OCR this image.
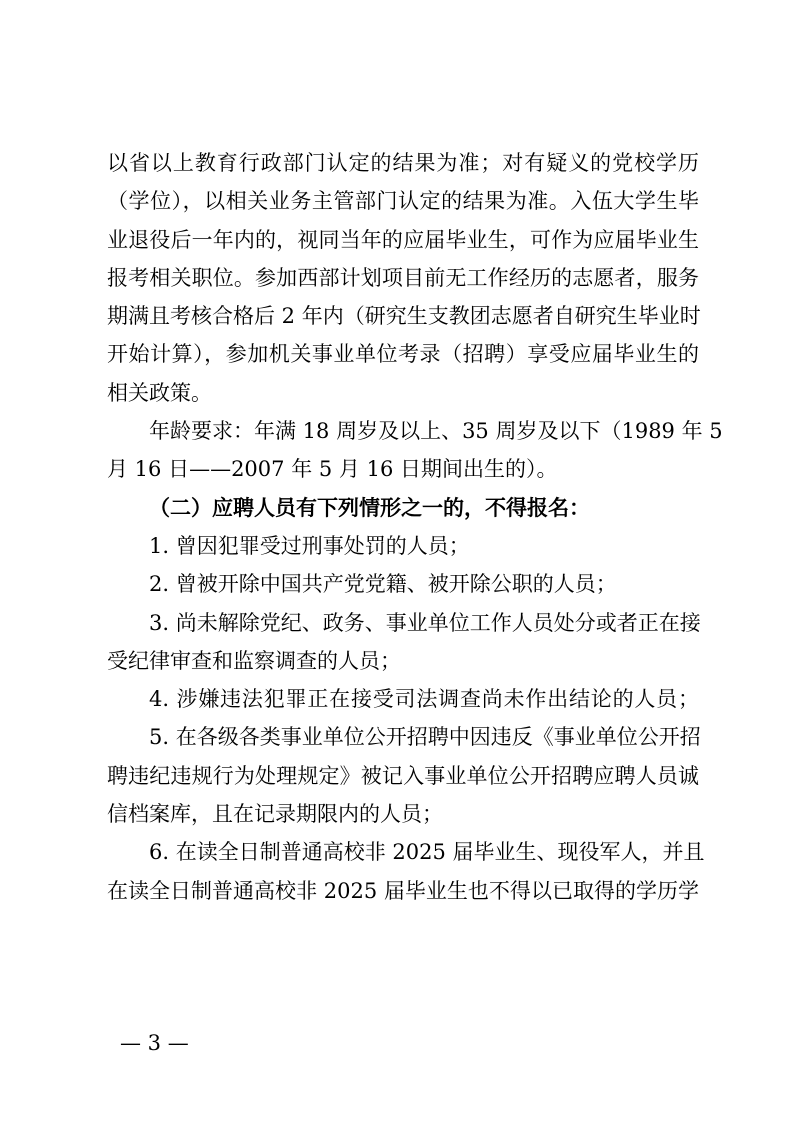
以省以上教育行政部门认定的结果为准；对有疑义的党校学历
（学位），以相关业务主管部门认定的结果为准。入伍大学生毕
业退役后一年内的，视同当年的应届毕业生，可作为应届毕业生
报考相关职位。参加西部计划项目前无工作经历的志愿者，服务
期满且考核合格后 2 年内（研究生支教团志愿者自研究生毕业时
开始计算），参加机关事业单位考录（招聘）享受应届毕业生的
相关政策。
年龄要求：年满 18 周岁及以上、35 周岁及以下（1989 年 5
月 16 日——2007 年 5 月 16 日期间出生的）。
（二）应聘人员有下列情形之一的，不得报名：
1. 曾因犯罪受过刑事处罚的人员；
2. 曾被开除中国共产党党籍、被开除公职的人员；
3. 尚未解除党纪、政务、事业单位工作人员处分或者正在接
受纪律审查和监察调查的人员；
4. 涉嫌违法犯罪正在接受司法调查尚未作出结论的人员；
5. 在各级各类事业单位公开招聘中因违反《事业单位公开招
聘违纪违规行为处理规定》被记入事业单位公开招聘应聘人员诚
信档案库，且在记录期限内的人员；
6. 在读全日制普通高校非 2025 届毕业生、现役军人，并且
在读全日制普通高校非 2025 届毕业生也不得以已取得的学历学
— 3 —
